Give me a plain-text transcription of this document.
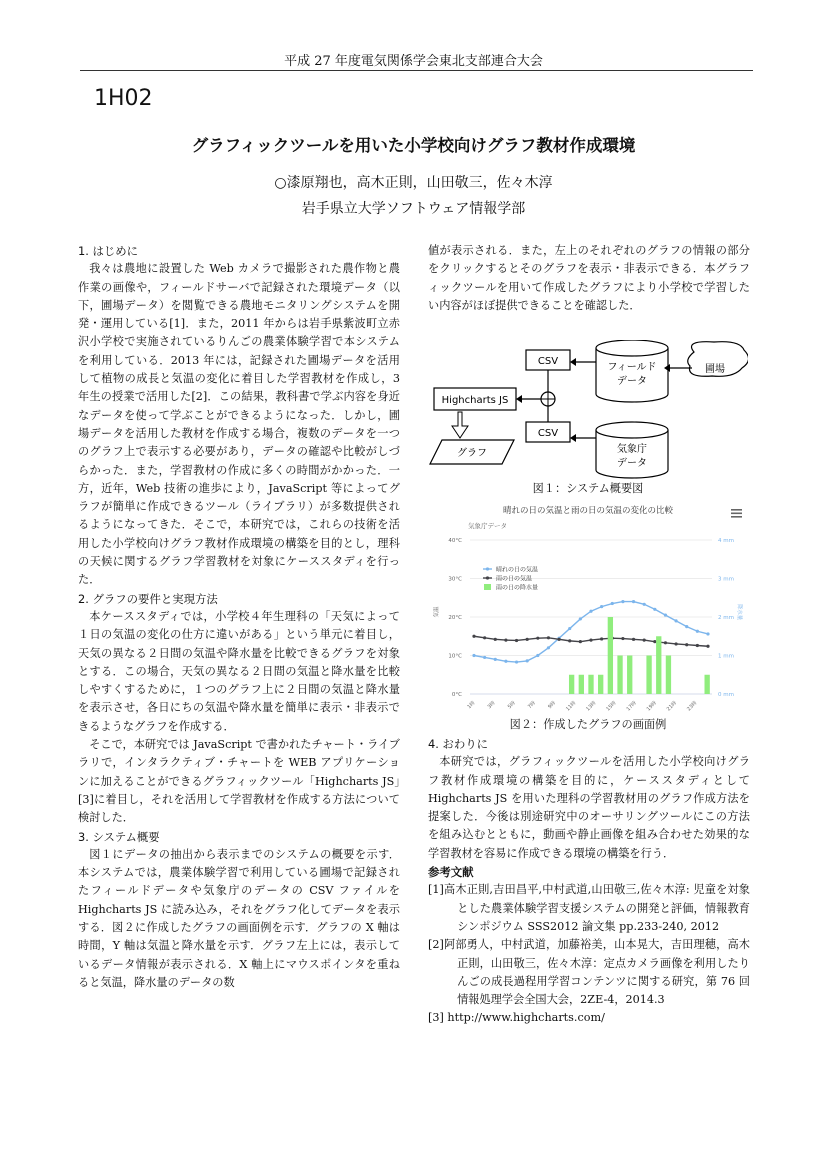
平成 27 年度電気関係学会東北支部連合大会
1H02
グラフィックツールを用いた小学校向けグラフ教材作成環境
○漆原翔也，高木正則，山田敬三，佐々木淳
岩手県立大学ソフトウェア情報学部
1. はじめに

我々は農地に設置した Web カメラで撮影された農作物と農作業の画像や，フィールドサーバで記録された環境データ（以下，圃場データ）を閲覧できる農地モニタリングシステムを開発・運用している[1]．また，2011 年からは岩手県紫波町立赤沢小学校で実施されているりんごの農業体験学習で本システムを利用している．2013 年には，記録された圃場データを活用して植物の成長と気温の変化に着目した学習教材を作成し，3 年生の授業で活用した[2]．この結果，教科書で学ぶ内容を身近なデータを使って学ぶことができるようになった．しかし，圃場データを活用した教材を作成する場合，複数のデータを一つのグラフ上で表示する必要があり，データの確認や比較がしづらかった．また，学習教材の作成に多くの時間がかかった．一方，近年，Web 技術の進歩により，JavaScript 等によってグラフが簡単に作成できるツール（ライブラリ）が多数提供されるようになってきた．そこで，本研究では，これらの技術を活用した小学校向けグラフ教材作成環境の構築を目的とし，理科の天候に関するグラフ学習教材を対象にケーススタディを行った．

2. グラフの要件と実現方法

本ケーススタディでは，小学校４年生理科の「天気によって１日の気温の変化の仕方に違いがある」という単元に着目し，天気の異なる２日間の気温や降水量を比較できるグラフを対象とする．この場合，天気の異なる２日間の気温と降水量を比較しやすくするために，１つのグラフ上に２日間の気温と降水量を表示させ，各日にちの気温や降水量を簡単に表示・非表示できるようなグラフを作成する．

そこで，本研究では JavaScript で書かれたチャート・ライブラリで，インタラクティブ・チャートを WEB アプリケーションに加えることができるグラフィックツール「Highcharts JS」[3]に着目し，それを活用して学習教材を作成する方法について検討した．

3. システム概要

図１にデータの抽出から表示までのシステムの概要を示す．本システムでは，農業体験学習で利用している圃場で記録されたフィールドデータや気象庁のデータの CSV ファイルを Highcharts JS に読み込み，それをグラフ化してデータを表示する．図２に作成したグラフの画面例を示す．グラフの X 軸は時間，Y 軸は気温と降水量を示す．グラフ左上には，表示しているデータ情報が表示される．X 軸上にマウスポインタを重ねると気温，降水量のデータの数

値が表示される．また，左上のそれぞれのグラフの情報の部分をクリックするとそのグラフを表示・非表示できる．本グラフィックツールを用いて作成したグラフにより小学校で学習したい内容がほぼ提供できることを確認した．

CSV
フィールド
データ
圃場
Highcharts JS
CSV
気象庁
データ
グラフ
図１：システム概要図
晴れの日の気温と雨の日の気温の変化の比較
気象庁データ
0°C
10°C
20°C
30°C
40°C
0 mm
1 mm
2 mm
3 mm
4 mm
気温	降水量
1時 3時 5時 7時 9時 11時 13時 15時 17時 19時 21時 23時
晴れの日の気温
雨の日の気温
雨の日の降水量
図２：作成したグラフの画面例
4. おわりに

本研究では，グラフィックツールを活用した小学校向けグラフ教材作成環境の構築を目的に，ケーススタディとして Highcharts JS を用いた理科の学習教材用のグラフ作成方法を提案した．今後は別途研究中のオーサリングツールにこの方法を組み込むとともに，動画や静止画像を組み合わせた効果的な学習教材を容易に作成できる環境の構築を行う．

参考文献

[1]高木正則,吉田昌平,中村武道,山田敬三,佐々木淳: 児童を対象とした農業体験学習支援システムの開発と評価，情報教育シンポジウム SSS2012 論文集 pp.233-240, 2012

[2]阿部勇人，中村武道，加藤裕美，山本晃大，吉田理穂，高木正則，山田敬三，佐々木淳：定点カメラ画像を利用したりんごの成長過程用学習コンテンツに関する研究，第 76 回情報処理学会全国大会，2ZE-4，2014.3

[3] http://www.highcharts.com/
